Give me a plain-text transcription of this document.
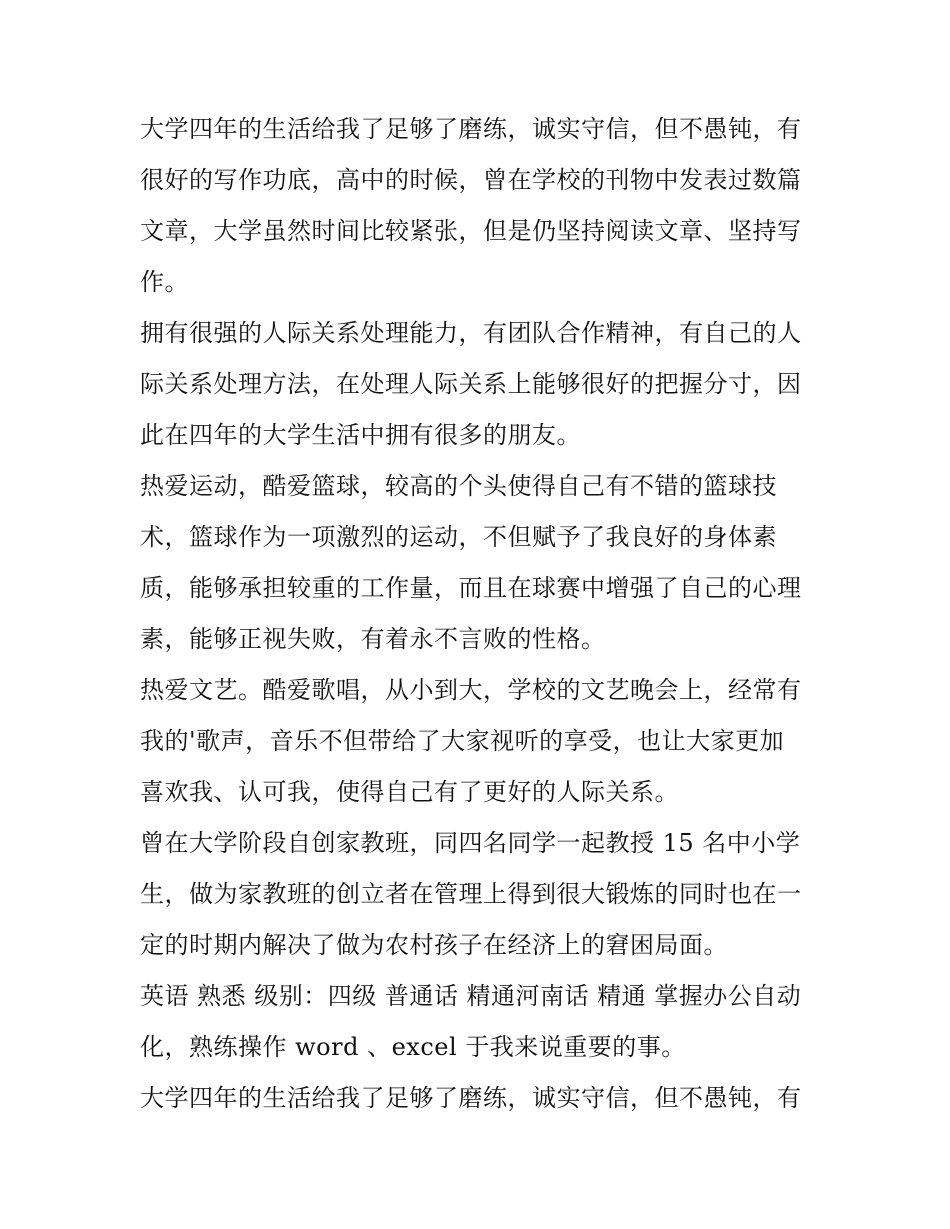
大学四年的生活给我了足够了磨练，诚实守信，但不愚钝，有
很好的写作功底，高中的时候，曾在学校的刊物中发表过数篇
文章，大学虽然时间比较紧张，但是仍坚持阅读文章、坚持写
作。

拥有很强的人际关系处理能力，有团队合作精神，有自己的人
际关系处理方法，在处理人际关系上能够很好的把握分寸，因
此在四年的大学生活中拥有很多的朋友。

热爱运动，酷爱篮球，较高的个头使得自己有不错的篮球技
术，篮球作为一项激烈的运动，不但赋予了我良好的身体素
质，能够承担较重的工作量，而且在球赛中增强了自己的心理
素，能够正视失败，有着永不言败的性格。

热爱文艺。酷爱歌唱，从小到大，学校的文艺晚会上，经常有
我的'歌声，音乐不但带给了大家视听的享受，也让大家更加
喜欢我、认可我，使得自己有了更好的人际关系。

曾在大学阶段自创家教班，同四名同学一起教授 15 名中小学
生，做为家教班的创立者在管理上得到很大锻炼的同时也在一
定的时期内解决了做为农村孩子在经济上的窘困局面。

英语 熟悉 级别：四级 普通话 精通河南话 精通 掌握办公自动
化，熟练操作 word 、excel 于我来说重要的事。

大学四年的生活给我了足够了磨练，诚实守信，但不愚钝，有
